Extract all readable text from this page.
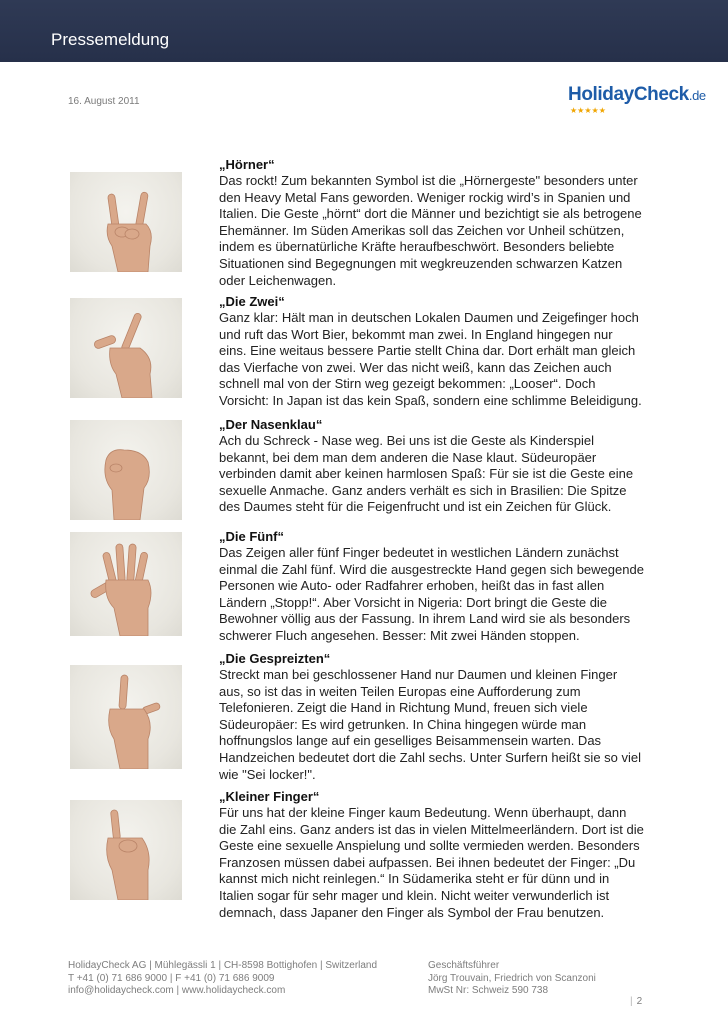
Pressemeldung
16. August 2011	HolidayCheck.de
★★★★★
„Hörner“
Das rockt! Zum bekannten Symbol ist die „Hörnergeste" besonders unter
den Heavy Metal Fans geworden. Weniger rockig wird’s in Spanien und
Italien. Die Geste „hörnt“ dort die Männer und bezichtigt sie als betrogene
Ehemänner. Im Süden Amerikas soll das Zeichen vor Unheil schützen,
indem es übernatürliche Kräfte heraufbeschwört. Besonders beliebte
Situationen sind Begegnungen mit wegkreuzenden schwarzen Katzen
oder Leichenwagen.
„Die Zwei“
Ganz klar: Hält man in deutschen Lokalen Daumen und Zeigefinger hoch
und ruft das Wort Bier, bekommt man zwei. In England hingegen nur
eins. Eine weitaus bessere Partie stellt China dar. Dort erhält man gleich
das Vierfache von zwei. Wer das nicht weiß, kann das Zeichen auch
schnell mal von der Stirn weg gezeigt bekommen: „Looser“. Doch
Vorsicht: In Japan ist das kein Spaß, sondern eine schlimme Beleidigung.
„Der Nasenklau“
Ach du Schreck - Nase weg. Bei uns ist die Geste als Kinderspiel
bekannt, bei dem man dem anderen die Nase klaut. Südeuropäer
verbinden damit aber keinen harmlosen Spaß: Für sie ist die Geste eine
sexuelle Anmache. Ganz anders verhält es sich in Brasilien: Die Spitze
des Daumes steht für die Feigenfrucht und ist ein Zeichen für Glück.
„Die Fünf“
Das Zeigen aller fünf Finger bedeutet in westlichen Ländern zunächst
einmal die Zahl fünf. Wird die ausgestreckte Hand gegen sich bewegende
Personen wie Auto- oder Radfahrer erhoben, heißt das in fast allen
Ländern „Stopp!“. Aber Vorsicht in Nigeria: Dort bringt die Geste die
Bewohner völlig aus der Fassung. In ihrem Land wird sie als besonders
schwerer Fluch angesehen. Besser: Mit zwei Händen stoppen.
„Die Gespreizten“
Streckt man bei geschlossener Hand nur Daumen und kleinen Finger
aus, so ist das in weiten Teilen Europas eine Aufforderung zum
Telefonieren. Zeigt die Hand in Richtung Mund, freuen sich viele
Südeuropäer: Es wird getrunken. In China hingegen würde man
hoffnungslos lange auf ein geselliges Beisammensein warten. Das
Handzeichen bedeutet dort die Zahl sechs. Unter Surfern heißt sie so viel
wie "Sei locker!".
„Kleiner Finger“
Für uns hat der kleine Finger kaum Bedeutung. Wenn überhaupt, dann
die Zahl eins. Ganz anders ist das in vielen Mittelmeerländern. Dort ist die
Geste eine sexuelle Anspielung und sollte vermieden werden. Besonders
Franzosen müssen dabei aufpassen. Bei ihnen bedeutet der Finger: „Du
kannst mich nicht reinlegen.“ In Südamerika steht er für dünn und in
Italien sogar für sehr mager und klein. Nicht weiter verwunderlich ist
demnach, dass Japaner den Finger als Symbol der Frau benutzen.
HolidayCheck AG | Mühlegässli 1 | CH-8598 Bottighofen | Switzerland
T +41 (0) 71 686 9000 | F +41 (0) 71 686 9009
info@holidaycheck.com | www.holidaycheck.com
Geschäftsführer
Jörg Trouvain, Friedrich von Scanzoni
MwSt Nr: Schweiz 590 738
| 2
